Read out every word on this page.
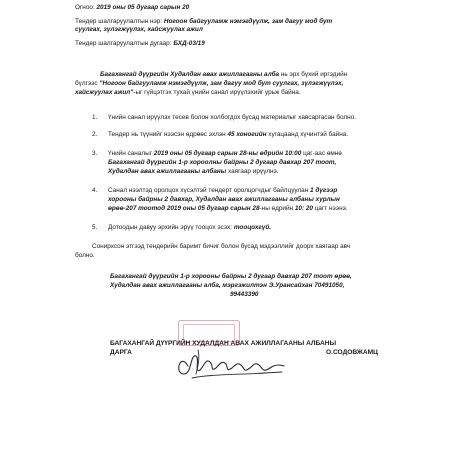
Огноо: 2019 оны 05 дугаар сарын 20
Тендер шалгаруулалтын нэр: Ногоон байгууламж нэмэгдүүлж, зам дагуу мод бут
суулгах, зүлэгжүүлэх, хайсжуулах ажил
Тендер шалгаруулалтын дугаар: БХД-03/19
Багахангай дүүргийн Худалдан авах ажиллагааны алба нь эрх бүхий иргэдийн
бүлгээс "Ногоон байгууламж нэмэгдүүлж, зам дагуу мод бут суулгах, зүлэгжүүлэх,
хайсжуулах ажил"-ыг гүйцэтгэх тухай үнийн санал ирүүлэхийг урьж байна.
1. Үнийн санал ирүүлэх тесев болон холбогдох бусад материалыг хавсаргасан болно.
2. Тендер нь түүнийг нээсэн өдрөөс эхлэн 45 хоногийн хугацаанд хүчинтэй байна.
3. Үнийн саналыг 2019 оны 05 дугаар сарын 28-ны өдрийн 10:00 цаг-аас өмнө
Багахангай дүүргийн 1-р хороолны байрны 2 дугаар давхар 207 тоот,
Худалдан авах ажиллагааны албаны хаягаар ирүүлнэ.
4. Санал нээлтэд оролцох хүсэлтэй тендерт оролцогчдыг байлцуулан 1 дүгээр
хорооны байрны 2 давхар, Худалдан авах ажиллагааны албаны хурлын
өрөө-207 тоотод 2019 оны 05 дугаар сарын 28-ны өдрийн 10: 20 цагт нээнэ.
5. Дотоодын давуу эрхийн эрүү тооцох эсэх: тооцохгүй.
Сонирхсон этгээд тендерийн баримт бичиг болон бусад мэдээллийг доорх хаягаар авч
болно.
Багахангай дүүргийн 1-р хорооны байрны 2 дугаар давхар 207 тоот өрөө,
Худалдан авах ажиллагааны алба, мэргэжилтэн Э.Урансайхан 70491050,
99443390
БАГАХАНГАЙ ДҮҮРГИЙН ХУДАЛДАН АВАХ АЖИЛЛАГААНЫ АЛБАНЫ
ДАРГА	О.СОДОВЖАМЦ
